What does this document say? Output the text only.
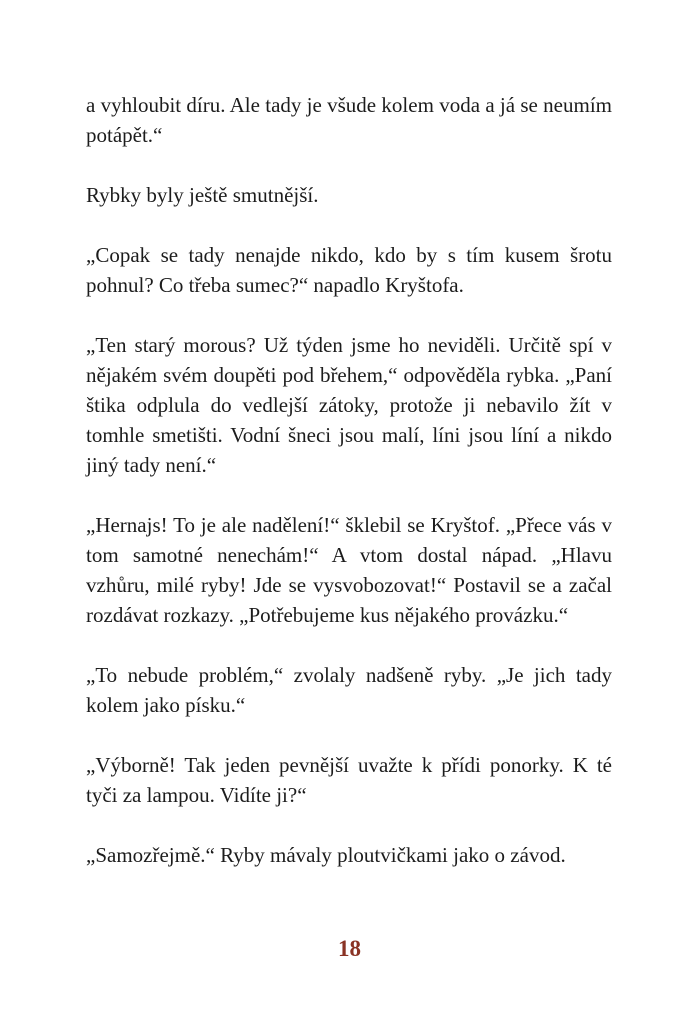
a vyhloubit díru. Ale tady je všude kolem voda a já se neumím potápět.“

Rybky byly ještě smutnější.

„Copak se tady nenajde nikdo, kdo by s tím kusem šrotu pohnul? Co třeba sumec?“ napadlo Kryštofa.

„Ten starý morous? Už týden jsme ho neviděli. Určitě spí v nějakém svém doupěti pod břehem,“ odpověděla rybka. „Paní štika odplula do vedlejší zátoky, protože ji nebavilo žít v tomhle smetišti. Vodní šneci jsou malí, líni jsou líní a nikdo jiný tady není.“

„Hernajs! To je ale nadělení!“ šklebil se Kryštof. „Přece vás v tom samotné nenechám!“ A vtom dostal nápad. „Hlavu vzhůru, milé ryby! Jde se vysvobozovat!“ Postavil se a začal rozdávat rozkazy. „Potřebujeme kus nějakého provázku.“

„To nebude problém,“ zvolaly nadšeně ryby. „Je jich tady kolem jako písku.“

„Výborně! Tak jeden pevnější uvažte k přídi ponorky. K té tyči za lampou. Vidíte ji?“

„Samozřejmě.“ Ryby mávaly ploutvičkami jako o závod.

18
